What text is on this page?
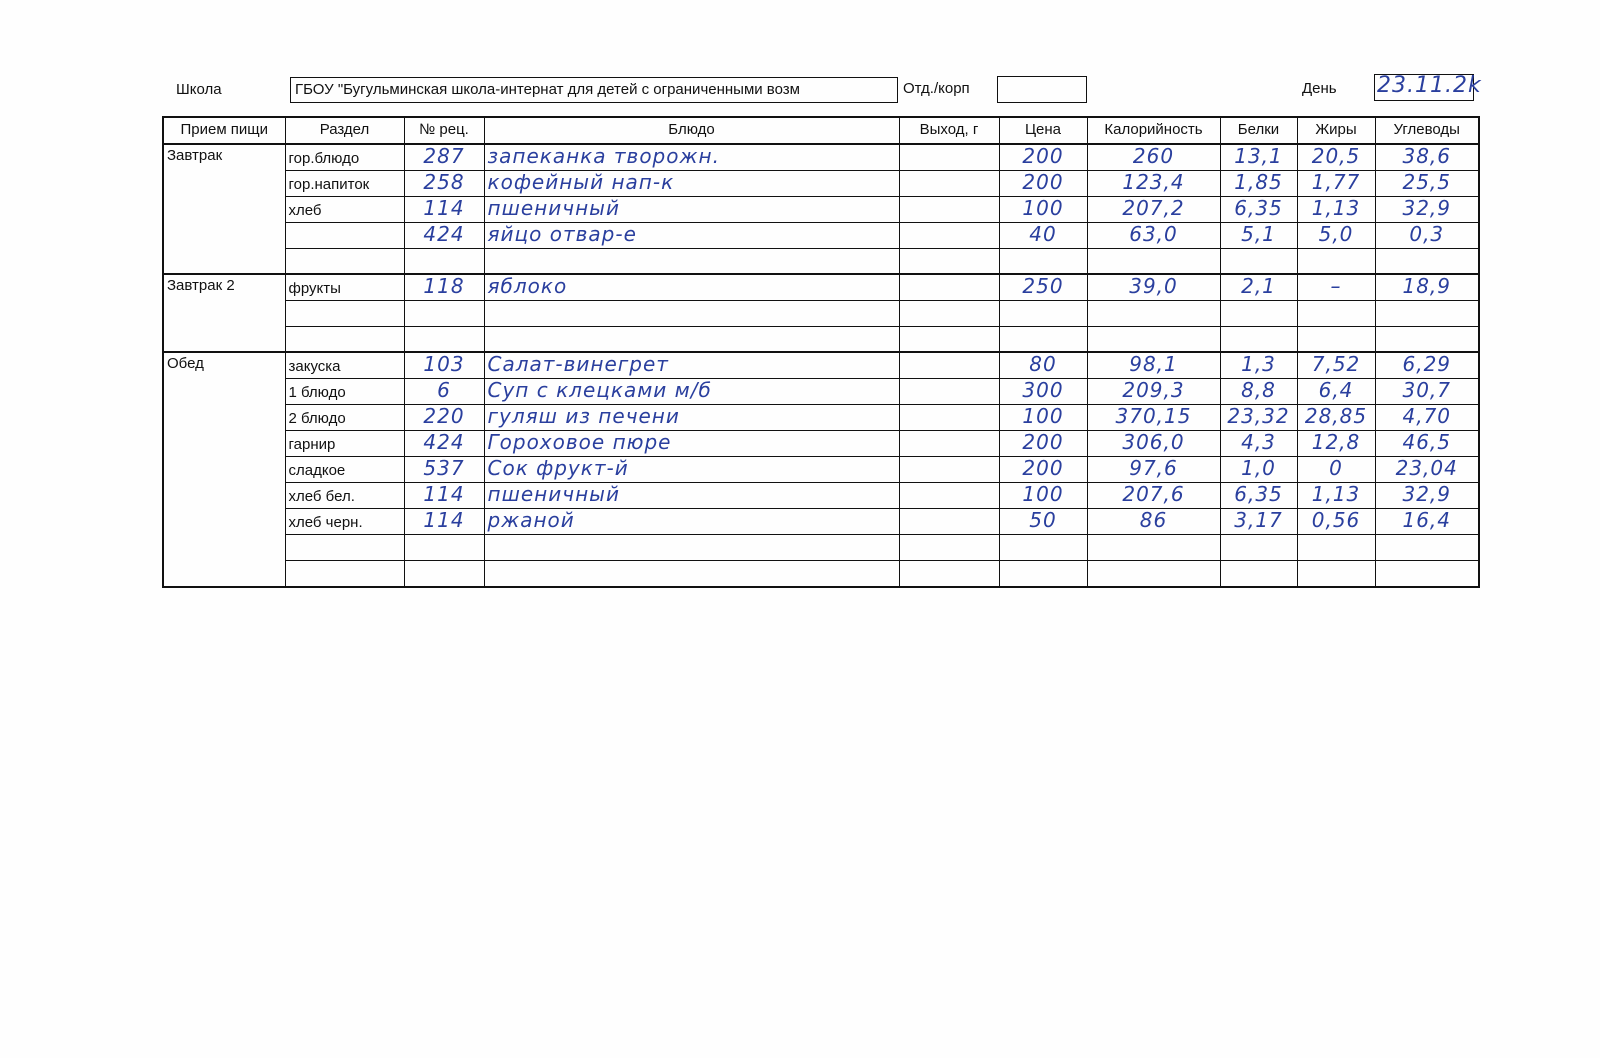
Школа	ГБОУ "Бугульминская школа-интернат для детей с ограниченными возм	Отд./корп	День 23.11.2k
Прием пищи	Раздел	№ рец.	Блюдо	Выход, г	Цена	Калорийность	Белки	Жиры	Углеводы
Завтрак	гор.блюдо	287	запеканка творожн.		200	260	13,1	20,5	38,6
	гор.напиток	258	кофейный нап-к		200	123,4	1,85	1,77	25,5
	хлеб	114	пшеничный		100	207,2	6,35	1,13	32,9
		424	яйцо отвар-е		40	63,0	5,1	5,0	0,3

Завтрак 2	фрукты	118	яблоко		250	39,0	2,1	–	18,9

Обед	закуска	103	Салат-винегрет		80	98,1	1,3	7,52	6,29
	1 блюдо	6	Суп с клецками м/б		300	209,3	8,8	6,4	30,7
	2 блюдо	220	гуляш из печени		100	370,15	23,32	28,85	4,70
	гарнир	424	Гороховое пюре		200	306,0	4,3	12,8	46,5
	сладкое	537	Сок фрукт-й		200	97,6	1,0	0	23,04
	хлеб бел.	114	пшеничный		100	207,6	6,35	1,13	32,9
	хлеб черн.	114	ржаной		50	86	3,17	0,56	16,4
